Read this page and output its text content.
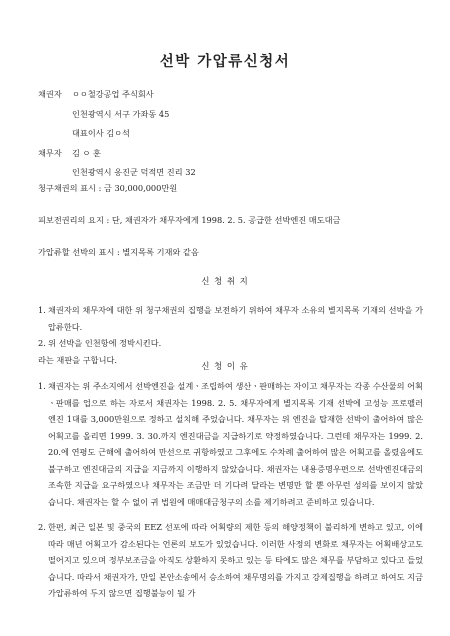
선박 가압류신청서
채권자 ㅇㅇ철강공업 주식회사
인천광역시 서구 가좌동 45
대표이사 김ㅇ석
채무자 김 ㅇ 훈
인천광역시 옹진군 덕적면 진리 32
청구채권의 표시 : 금 30,000,000만원
피보전권리의 요지 : 단, 채권자가 채무자에게 1998. 2. 5. 공급한 선박엔진 매도대금
가압류할 선박의 표시 : 별지목록 기재와 같음
신 청 취 지
1. 채권자의 채무자에 대한 위 청구채권의 집행을 보전하기 위하여 채무자 소유의 별지목록 기재의 선박을 가압류한다.
2. 위 선박을 인천항에 정박시킨다.
라는 재판을 구합니다.
신 청 이 유
1. 채권자는 위 주소지에서 선박엔진을 설계ㆍ조립하여 생산ㆍ판매하는 자이고 채무자는 각종 수산물의 어획ㆍ판매를 업으로 하는 자로서 채권자는 1998. 2. 5. 채무자에게 별지목록 기재 선박에 고성능 프로펠러 엔진 1대를 3,000만원으로 정하고 설치해 주었습니다. 채무자는 위 엔진을 탑재한 선박이 출어하여 많은 어획고를 올리면 1999. 3. 30.까지 엔진대금을 지급하기로 약정하였습니다. 그런데 채무자는 1999. 2. 20.에 연평도 근해에 출어하여 만선으로 귀항하였고 그후에도 수차례 출어하여 많은 어획고를 올렸음에도 불구하고 엔진대금의 지급을 지금까지 이행하지 않았습니다. 채권자는 내용증명우편으로 선박엔진대금의 조속한 지급을 요구하였으나 채무자는 조금만 더 기다려 달라는 변명만 할 뿐 아무런 성의를 보이지 않았습니다. 채권자는 할 수 없이 귀 법원에 매매대금청구의 소를 제기하려고 준비하고 있습니다.
2. 한편, 최근 일본 및 중국의 EEZ 선포에 따라 어획량의 제한 등의 해양정책이 불리하게 변하고 있고, 이에 따라 매년 어획고가 감소된다는 언론의 보도가 있었습니다. 이러한 사정의 변화로 채무자는 어획배상고도 떨어지고 있으며 정부보조금을 아직도 상환하지 못하고 있는 등 타에도 많은 채무를 부담하고 있다고 들었습니다. 따라서 채권자가, 만일 본안소송에서 승소하여 채무명의를 가지고 강제집행을 하려고 하여도 지금 가압류하여 두지 않으면 집행불능이 될 가
